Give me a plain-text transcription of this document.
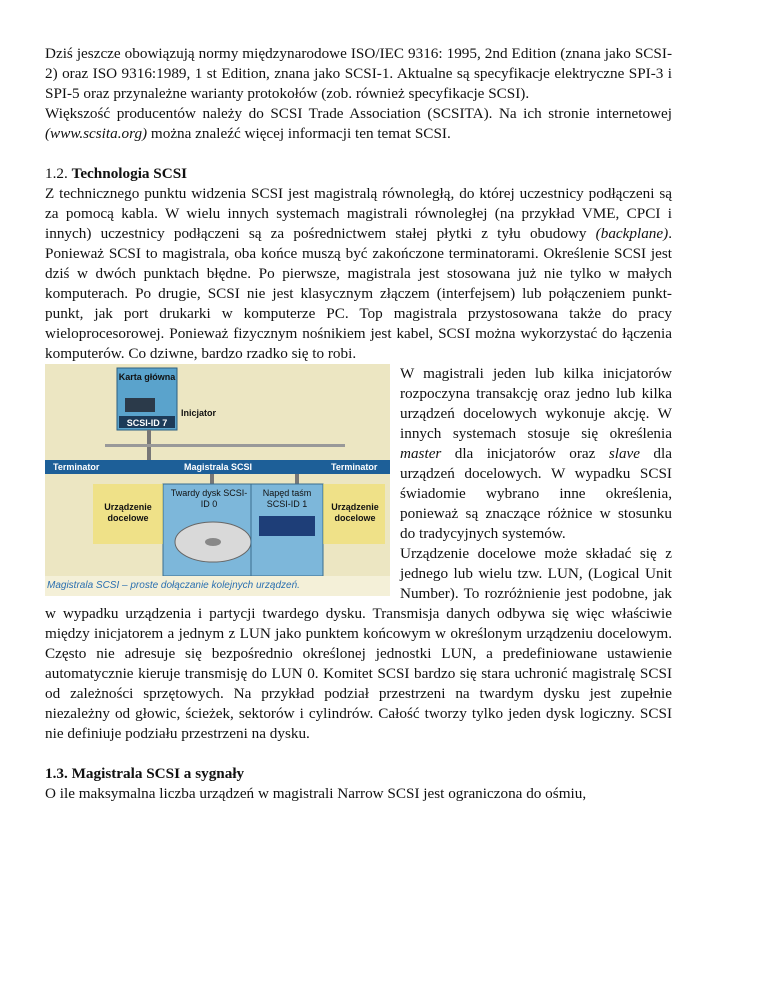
Dziś jeszcze obowiązują normy międzynarodowe ISO/IEC 9316: 1995, 2nd Edition (znana jako SCSI-2) oraz ISO 9316:1989, 1 st Edition, znana jako SCSI-1. Aktualne są specyfikacje elektryczne SPI-3 i SPI-5 oraz przynależne warianty protokołów (zob. również specyfikacje SCSI).

Większość producentów należy do SCSI Trade Association (SCSITA). Na ich stronie internetowej (www.scsita.org) można znaleźć więcej informacji ten temat SCSI.

1.2. Technologia SCSI

Z technicznego punktu widzenia SCSI jest magistralą równoległą, do której uczestnicy podłączeni są za pomocą kabla. W wielu innych systemach magistrali równoległej (na przykład VME, CPCI i innych) uczestnicy podłączeni są za pośrednictwem stałej płytki z tyłu obudowy (backplane). Ponieważ SCSI to magistrala, oba końce muszą być zakończone terminatorami. Określenie SCSI jest dziś w dwóch punktach błędne. Po pierwsze, magistrala jest stosowana już nie tylko w małych komputerach. Po drugie, SCSI nie jest klasycznym złączem (interfejsem) lub połączeniem punkt-punkt, jak port drukarki w komputerze PC. Top magistrala przystosowana także do pracy wieloprocesorowej. Ponieważ fizycznym nośnikiem jest kabel, SCSI można wykorzystać do łączenia komputerów. Co dziwne, bardzo rzadko się to robi.

Karta główna
Inicjator
SCSI-ID 7
Terminator	Magistrala SCSI	Terminator
Urządzenie docelowe
Twardy dysk SCSI-ID 0
Napęd taśm SCSI-ID 1	Urządzenie docelowe
Magistrala SCSI – proste dołączanie kolejnych urządzeń.

W magistrali jeden lub kilka inicjatorów rozpoczyna transakcję oraz jedno lub kilka urządzeń docelowych wykonuje akcję. W innych systemach stosuje się określenia master dla inicjatorów oraz slave dla urządzeń docelowych. W wypadku SCSI świadomie wybrano inne określenia, ponieważ są znaczące różnice w stosunku do tradycyjnych systemów.

Urządzenie docelowe może składać się z jednego lub wielu tzw. LUN, (Logical Unit Number). To rozróżnienie jest podobne, jak w wypadku urządzenia i partycji twardego dysku. Transmisja danych odbywa się więc właściwie między inicjatorem a jednym z LUN jako punktem końcowym w określonym urządzeniu docelowym. Często nie adresuje się bezpośrednio określonej jednostki LUN, a predefiniowane ustawienie automatycznie kieruje transmisję do LUN 0. Komitet SCSI bardzo się stara uchronić magistralę SCSI od zależności sprzętowych. Na przykład podział przestrzeni na twardym dysku jest zupełnie niezależny od głowic, ścieżek, sektorów i cylindrów. Całość tworzy tylko jeden dysk logiczny. SCSI nie definiuje podziału przestrzeni na dysku.

1.3. Magistrala SCSI a sygnały

O ile maksymalna liczba urządzeń w magistrali Narrow SCSI jest ograniczona do ośmiu,
